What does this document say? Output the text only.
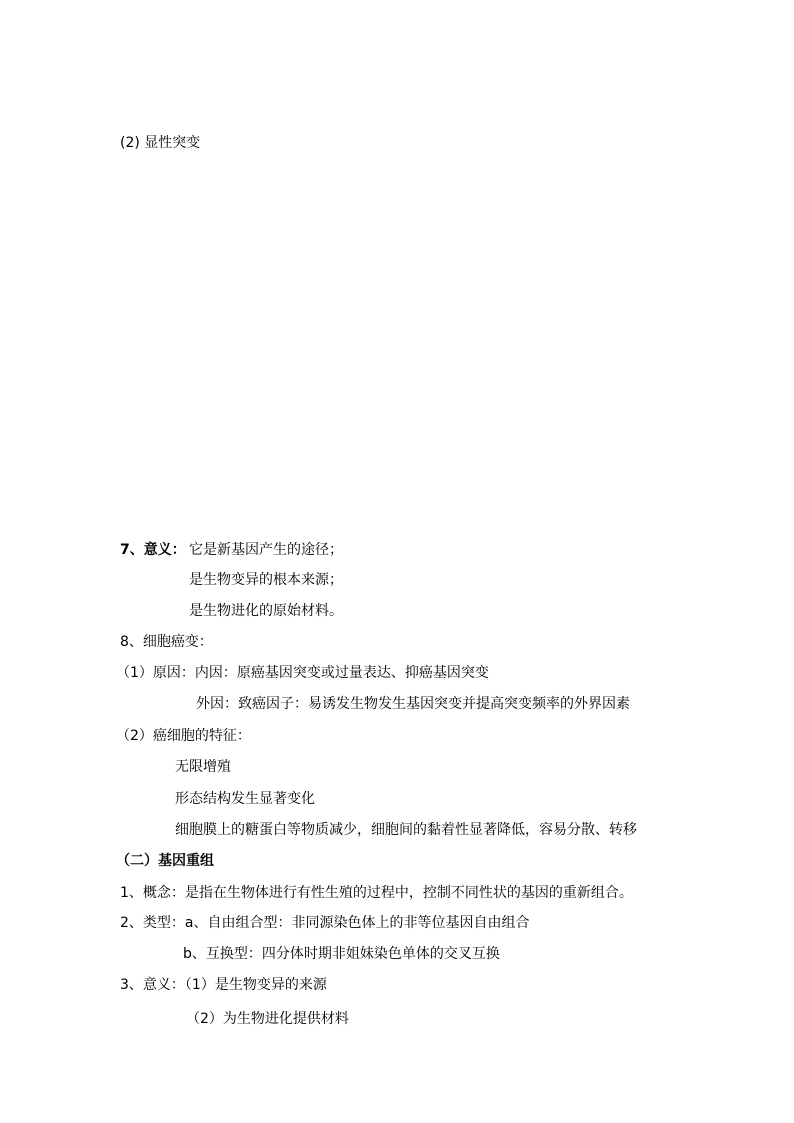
(2) 显性突变
7、意义： 它是新基因产生的途径；
是生物变异的根本来源；
是生物进化的原始材料。
8、细胞癌变：
（1）原因：内因：原癌基因突变或过量表达、抑癌基因突变
外因：致癌因子：易诱发生物发生基因突变并提高突变频率的外界因素
（2）癌细胞的特征：
无限增殖
形态结构发生显著变化
细胞膜上的糖蛋白等物质减少，细胞间的黏着性显著降低，容易分散、转移
（二）基因重组
1、概念：是指在生物体进行有性生殖的过程中，控制不同性状的基因的重新组合。
2、类型：a、自由组合型：非同源染色体上的非等位基因自由组合
b、互换型：四分体时期非姐妹染色单体的交叉互换
3、意义：（1）是生物变异的来源
（2）为生物进化提供材料
